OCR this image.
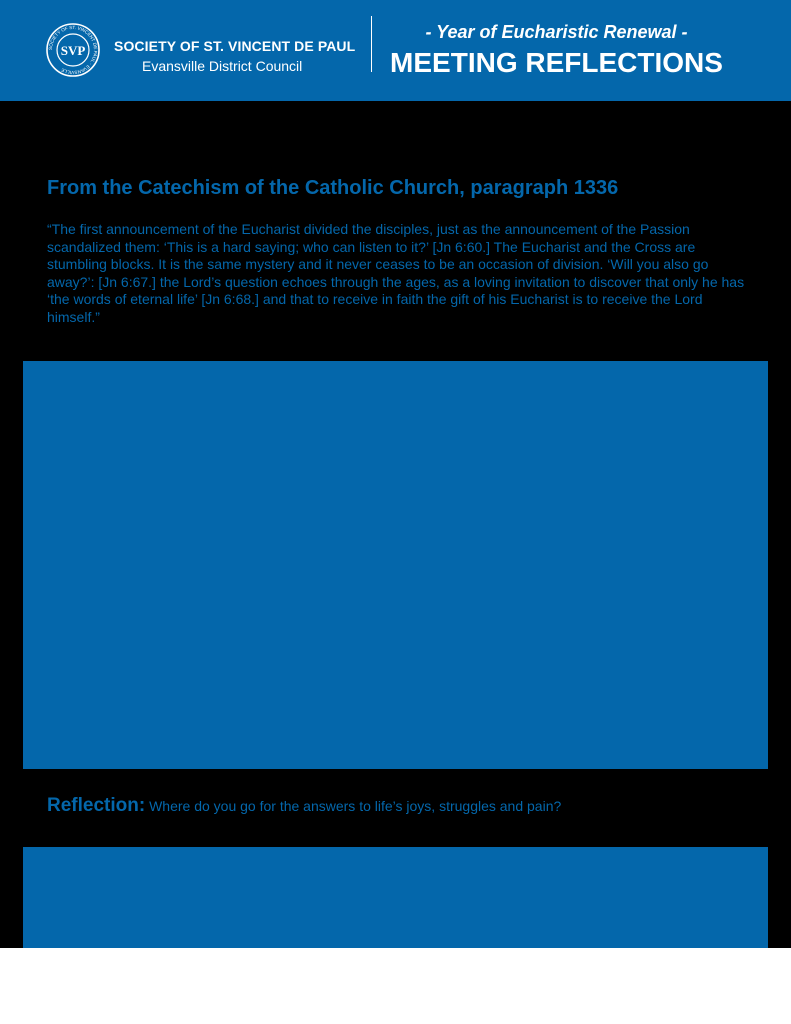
SOCIETY OF ST. VINCENT DE PAUL · EVANSVILLE
SVP SOCIETY OF ST. VINCENT DE PAUL
Evansville District Council
- Year of Eucharistic Renewal -
MEETING REFLECTIONS
From the Catechism of the Catholic Church, paragraph 1336

“The first announcement of the Eucharist divided the disciples, just as the announcement of the Passion scandalized them: ‘This is a hard saying; who can listen to it?’ [Jn 6:60.] The Eucharist and the Cross are stumbling blocks. It is the same mystery and it never ceases to be an occasion of division. ‘Will you also go away?’: [Jn 6:67.] the Lord’s question echoes through the ages, as a loving invitation to discover that only he has ‘the words of eternal life’ [Jn 6:68.] and that to receive in faith the gift of his Eucharist is to receive the Lord himself.”

Reflection: Where do you go for the answers to life’s joys, struggles and pain?
